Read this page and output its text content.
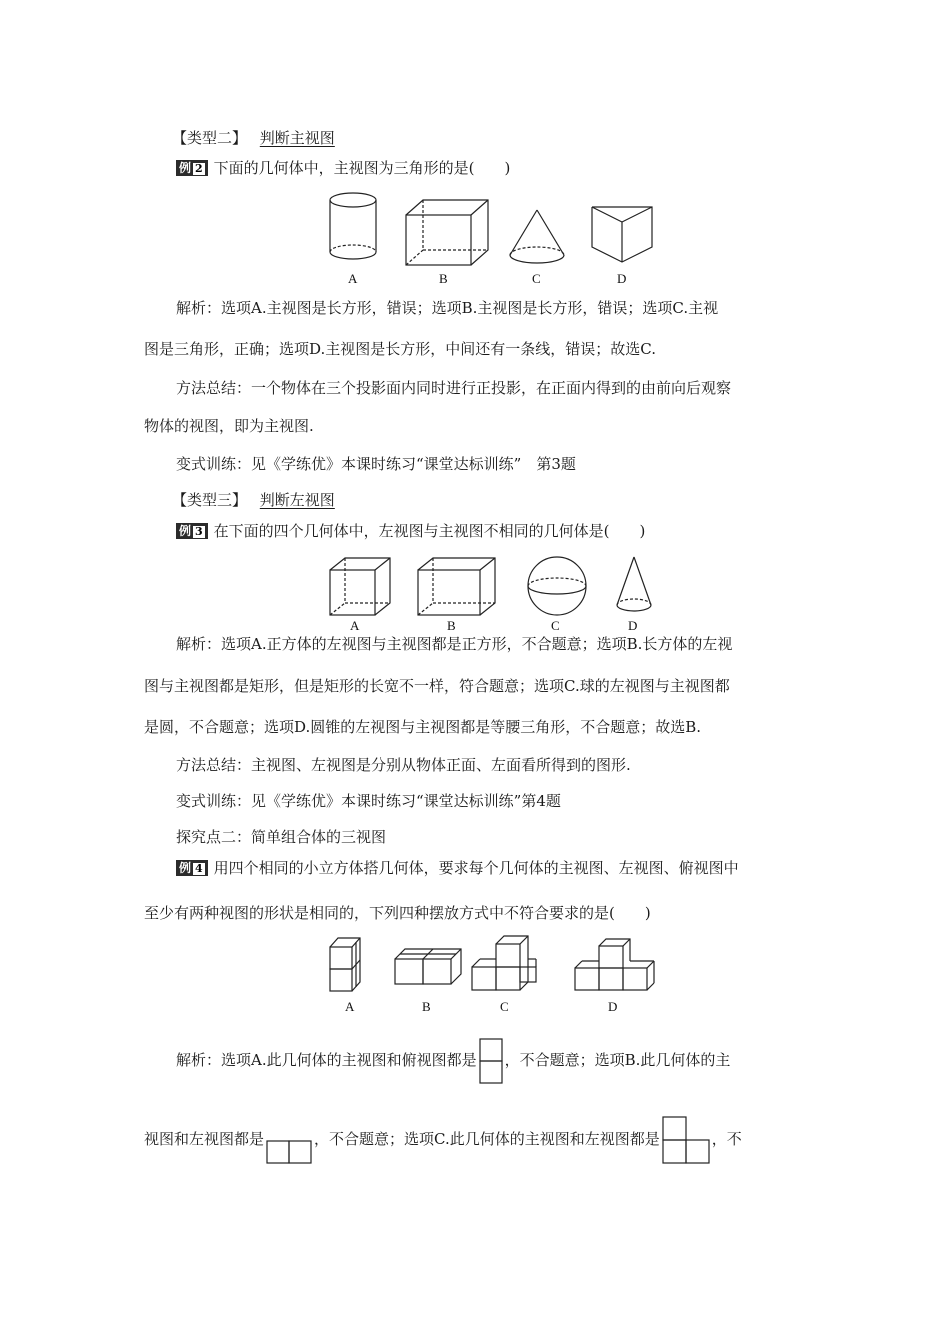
【类型二】 判断主视图
例 2 下面的几何体中，主视图为三角形的是(　　)
A	B	C	D
解析：选项A.主视图是长方形，错误；选项B.主视图是长方形，错误；选项C.主视
图是三角形，正确；选项D.主视图是长方形，中间还有一条线，错误；故选C.
方法总结：一个物体在三个投影面内同时进行正投影，在正面内得到的由前向后观察
物体的视图，即为主视图.
变式训练：见《学练优》本课时练习“课堂达标训练”　第3题
【类型三】 判断左视图
例 3 在下面的四个几何体中，左视图与主视图不相同的几何体是(　　)
A	B	C	D
解析：选项A.正方体的左视图与主视图都是正方形，不合题意；选项B.长方体的左视
图与主视图都是矩形，但是矩形的长宽不一样，符合题意；选项C.球的左视图与主视图都
是圆，不合题意；选项D.圆锥的左视图与主视图都是等腰三角形，不合题意；故选B.
方法总结：主视图、左视图是分别从物体正面、左面看所得到的图形.
变式训练：见《学练优》本课时练习“课堂达标训练”第4题
探究点二：简单组合体的三视图
例 4 用四个相同的小立方体搭几何体，要求每个几何体的主视图、左视图、俯视图中
至少有两种视图的形状是相同的，下列四种摆放方式中不符合要求的是(　　)
A	B	C	D
解析：选项A.此几何体的主视图和俯视图都是 ，不合题意；选项B.此几何体的主
视图和左视图都是	，不合题意；选项C.此几何体的主视图和左视图都是	，不
